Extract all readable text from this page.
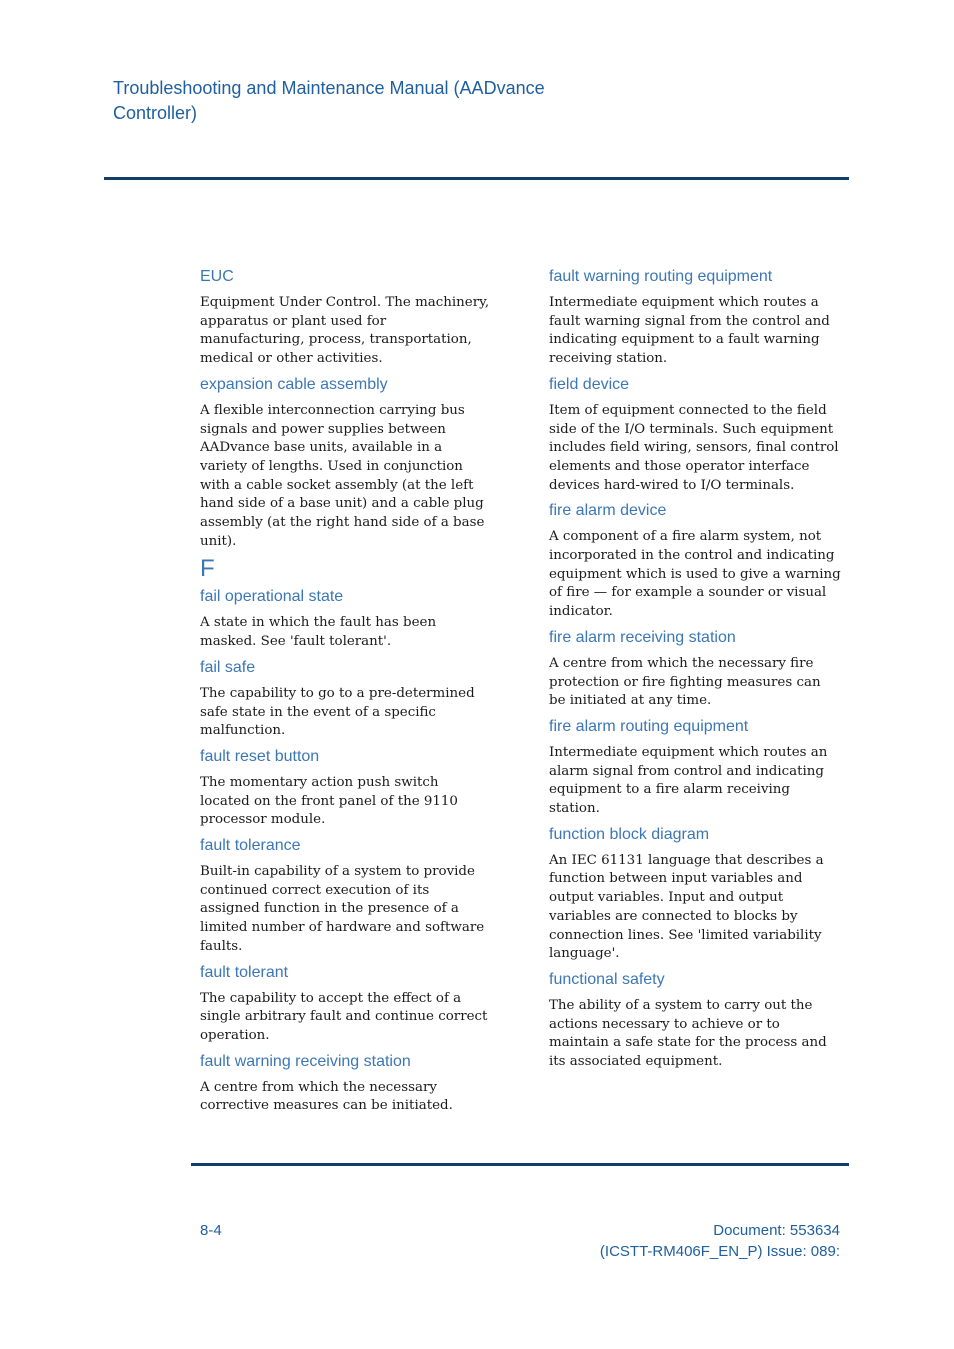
Troubleshooting and Maintenance Manual (AADvance Controller)
EUC
Equipment Under Control. The machinery, apparatus or plant used for manufacturing, process, transportation, medical or other activities.
expansion cable assembly
A flexible interconnection carrying bus signals and power supplies between AADvance base units, available in a variety of lengths. Used in conjunction with a cable socket assembly (at the left hand side of a base unit) and a cable plug assembly (at the right hand side of a base unit).
F
fail operational state
A state in which the fault has been masked. See 'fault tolerant'.
fail safe
The capability to go to a pre-determined safe state in the event of a specific malfunction.
fault reset button
The momentary action push switch located on the front panel of the 9110 processor module.
fault tolerance
Built-in capability of a system to provide continued correct execution of its assigned function in the presence of a limited number of hardware and software faults.
fault tolerant
The capability to accept the effect of a single arbitrary fault and continue correct operation.
fault warning receiving station
A centre from which the necessary corrective measures can be initiated.
fault warning routing equipment
Intermediate equipment which routes a fault warning signal from the control and indicating equipment to a fault warning receiving station.
field device
Item of equipment connected to the field side of the I/O terminals. Such equipment includes field wiring, sensors, final control elements and those operator interface devices hard-wired to I/O terminals.
fire alarm device
A component of a fire alarm system, not incorporated in the control and indicating equipment which is used to give a warning of fire — for example a sounder or visual indicator.
fire alarm receiving station
A centre from which the necessary fire protection or fire fighting measures can be initiated at any time.
fire alarm routing equipment
Intermediate equipment which routes an alarm signal from control and indicating equipment to a fire alarm receiving station.
function block diagram
An IEC 61131 language that describes a function between input variables and output variables. Input and output variables are connected to blocks by connection lines. See 'limited variability language'.
functional safety
The ability of a system to carry out the actions necessary to achieve or to maintain a safe state for the process and its associated equipment.
8-4	Document: 553634
(ICSTT-RM406F_EN_P) Issue: 089:
